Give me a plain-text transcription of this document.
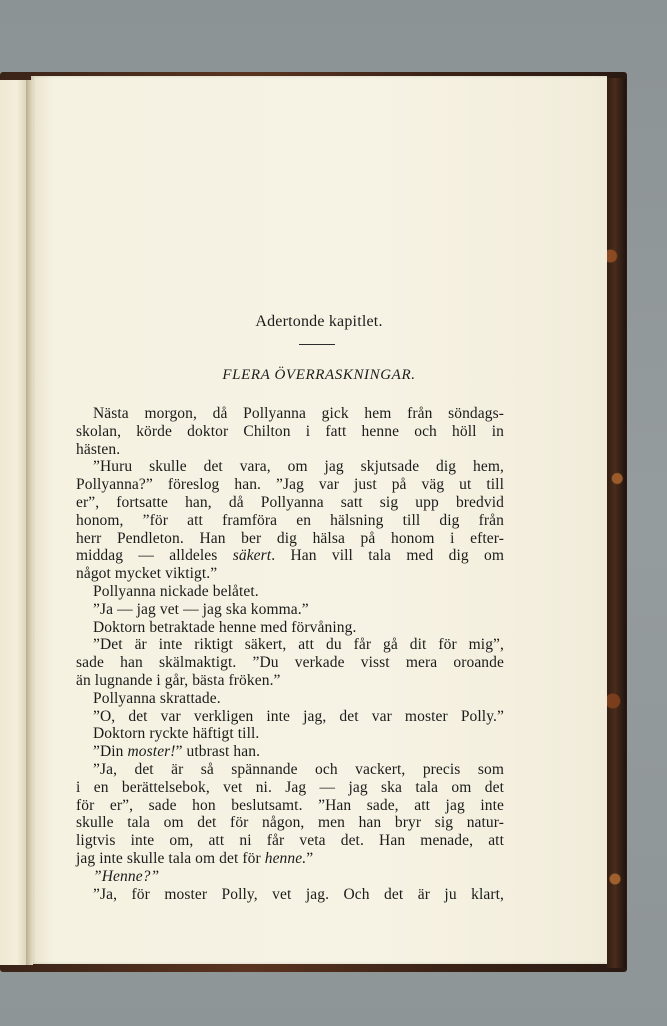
Adertonde kapitlet.
FLERA ÖVERRASKNINGAR.
Nästa morgon, då Pollyanna gick hem från söndags-
skolan, körde doktor Chilton i fatt henne och höll in
hästen.
”Huru skulle det vara, om jag skjutsade dig hem,
Pollyanna?” föreslog han. ”Jag var just på väg ut till
er”, fortsatte han, då Pollyanna satt sig upp bredvid
honom, ”för att framföra en hälsning till dig från
herr Pendleton. Han ber dig hälsa på honom i efter-
middag — alldeles säkert. Han vill tala med dig om
något mycket viktigt.”
Pollyanna nickade belåtet.
”Ja — jag vet — jag ska komma.”
Doktorn betraktade henne med förvåning.
”Det är inte riktigt säkert, att du får gå dit för mig”,
sade han skälmaktigt. ”Du verkade visst mera oroande
än lugnande i går, bästa fröken.”
Pollyanna skrattade.
”O, det var verkligen inte jag, det var moster Polly.”
Doktorn ryckte häftigt till.
”Din moster!” utbrast han.
”Ja, det är så spännande och vackert, precis som
i en berättelsebok, vet ni. Jag — jag ska tala om det
för er”, sade hon beslutsamt. ”Han sade, att jag inte
skulle tala om det för någon, men han bryr sig natur-
ligtvis inte om, att ni får veta det. Han menade, att
jag inte skulle tala om det för henne.”
”Henne?”
”Ja, för moster Polly, vet jag. Och det är ju klart,
